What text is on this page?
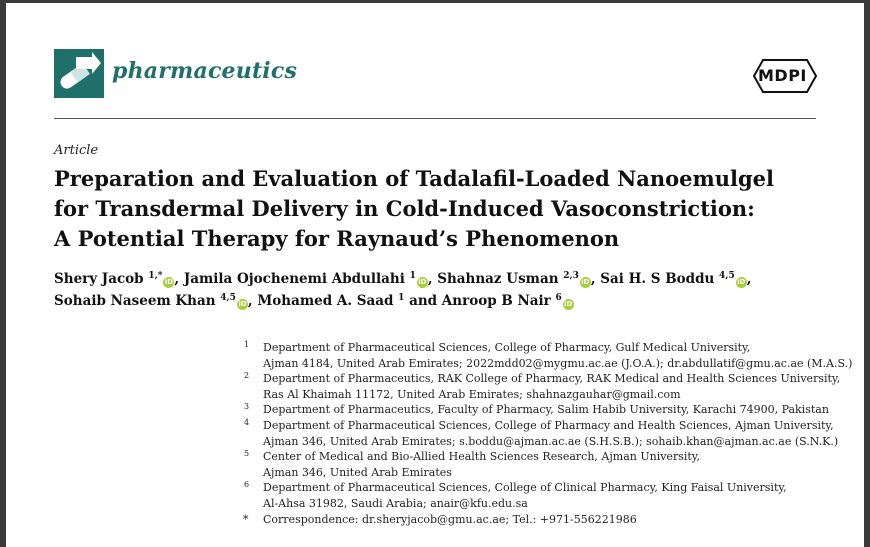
pharmaceutics	MDPI
Article
Preparation and Evaluation of Tadalafil-Loaded Nanoemulgel
for Transdermal Delivery in Cold-Induced Vasoconstriction:
A Potential Therapy for Raynaud’s Phenomenon
Shery Jacob $^{1,*}$iD, Jamila Ojochenemi Abdullahi $^1$iD, Shahnaz Usman $^{2,3}$iD, Sai H. S Boddu $^{4,5}$iD,
Sohaib Naseem Khan $^{4,5}$iD, Mohamed A. Saad $^1$ and Anroop B Nair $^6$iD
1 Department of Pharmaceutical Sciences, College of Pharmacy, Gulf Medical University,
Ajman 4184, United Arab Emirates; 2022mdd02@mygmu.ac.ae (J.O.A.); dr.abdullatif@gmu.ac.ae (M.A.S.)
2 Department of Pharmaceutics, RAK College of Pharmacy, RAK Medical and Health Sciences University,
Ras Al Khaimah 11172, United Arab Emirates; shahnazgauhar@gmail.com
3 Department of Pharmaceutics, Faculty of Pharmacy, Salim Habib University, Karachi 74900, Pakistan
4 Department of Pharmaceutical Sciences, College of Pharmacy and Health Sciences, Ajman University,
Ajman 346, United Arab Emirates; s.boddu@ajman.ac.ae (S.H.S.B.); sohaib.khan@ajman.ac.ae (S.N.K.)
5 Center of Medical and Bio-Allied Health Sciences Research, Ajman University,
Ajman 346, United Arab Emirates
6 Department of Pharmaceutical Sciences, College of Clinical Pharmacy, King Faisal University,
Al-Ahsa 31982, Saudi Arabia; anair@kfu.edu.sa
* Correspondence: dr.sheryjacob@gmu.ac.ae; Tel.: +971-556221986
